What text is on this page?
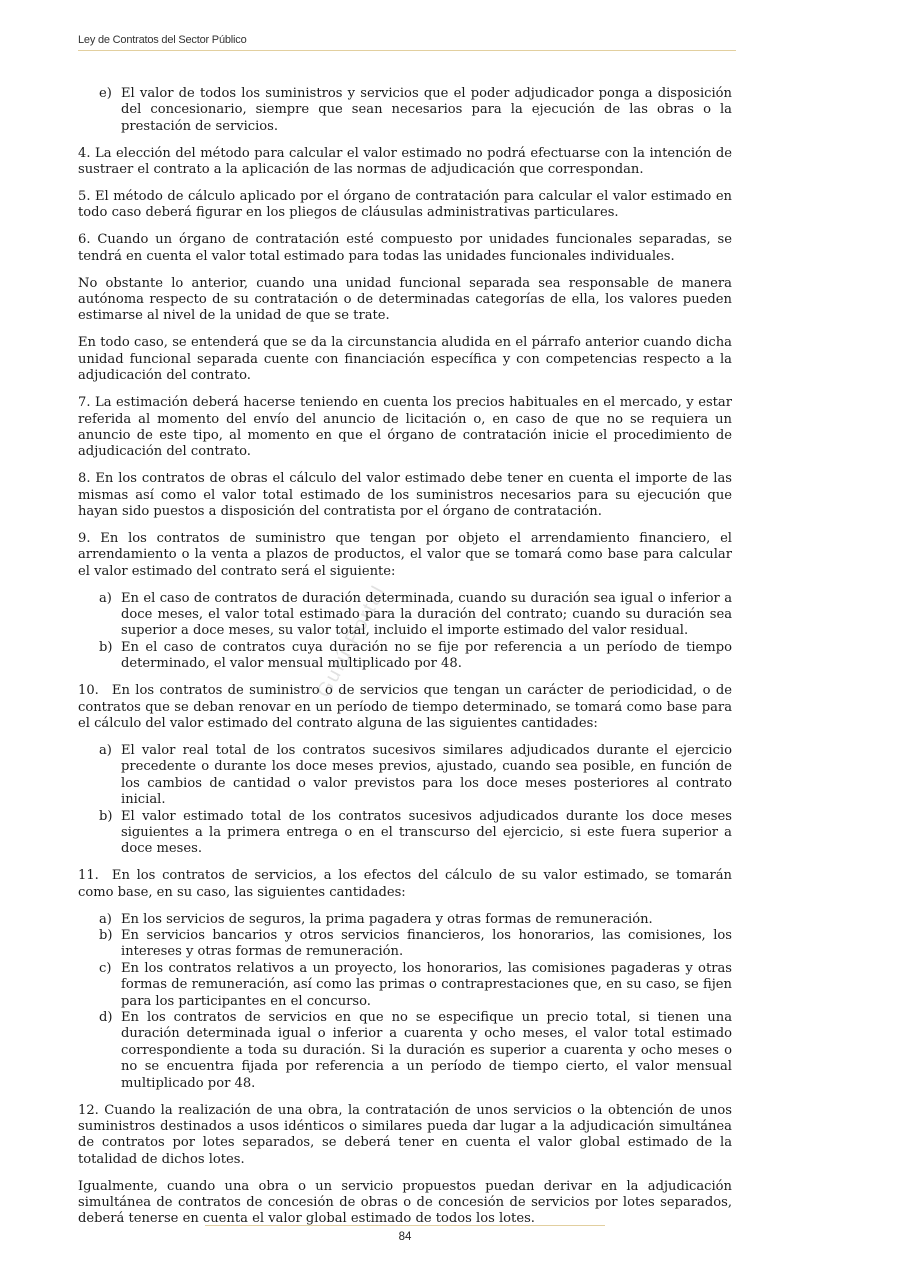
Ley de Contratos del Sector Público
Gurú Portal
e) El valor de todos los suministros y servicios que el poder adjudicador ponga a disposición del concesionario, siempre que sean necesarios para la ejecución de las obras o la prestación de servicios.

4. La elección del método para calcular el valor estimado no podrá efectuarse con la intención de sustraer el contrato a la aplicación de las normas de adjudicación que correspondan.

5. El método de cálculo aplicado por el órgano de contratación para calcular el valor estimado en todo caso deberá figurar en los pliegos de cláusulas administrativas particulares.

6. Cuando un órgano de contratación esté compuesto por unidades funcionales separadas, se tendrá en cuenta el valor total estimado para todas las unidades funcionales individuales.

No obstante lo anterior, cuando una unidad funcional separada sea responsable de manera autónoma respecto de su contratación o de determinadas categorías de ella, los valores pueden estimarse al nivel de la unidad de que se trate.

En todo caso, se entenderá que se da la circunstancia aludida en el párrafo anterior cuando dicha unidad funcional separada cuente con financiación específica y con competencias respecto a la adjudicación del contrato.

7. La estimación deberá hacerse teniendo en cuenta los precios habituales en el mercado, y estar referida al momento del envío del anuncio de licitación o, en caso de que no se requiera un anuncio de este tipo, al momento en que el órgano de contratación inicie el procedimiento de adjudicación del contrato.

8. En los contratos de obras el cálculo del valor estimado debe tener en cuenta el importe de las mismas así como el valor total estimado de los suministros necesarios para su ejecución que hayan sido puestos a disposición del contratista por el órgano de contratación.

9. En los contratos de suministro que tengan por objeto el arrendamiento financiero, el arrendamiento o la venta a plazos de productos, el valor que se tomará como base para calcular el valor estimado del contrato será el siguiente:

a) En el caso de contratos de duración determinada, cuando su duración sea igual o inferior a doce meses, el valor total estimado para la duración del contrato; cuando su duración sea superior a doce meses, su valor total, incluido el importe estimado del valor residual.
b) En el caso de contratos cuya duración no se fije por referencia a un período de tiempo determinado, el valor mensual multiplicado por 48.

10. En los contratos de suministro o de servicios que tengan un carácter de periodicidad, o de contratos que se deban renovar en un período de tiempo determinado, se tomará como base para el cálculo del valor estimado del contrato alguna de las siguientes cantidades:

a) El valor real total de los contratos sucesivos similares adjudicados durante el ejercicio precedente o durante los doce meses previos, ajustado, cuando sea posible, en función de los cambios de cantidad o valor previstos para los doce meses posteriores al contrato inicial.
b) El valor estimado total de los contratos sucesivos adjudicados durante los doce meses siguientes a la primera entrega o en el transcurso del ejercicio, si este fuera superior a doce meses.

11. En los contratos de servicios, a los efectos del cálculo de su valor estimado, se tomarán como base, en su caso, las siguientes cantidades:

a) En los servicios de seguros, la prima pagadera y otras formas de remuneración.
b) En servicios bancarios y otros servicios financieros, los honorarios, las comisiones, los intereses y otras formas de remuneración.
c) En los contratos relativos a un proyecto, los honorarios, las comisiones pagaderas y otras formas de remuneración, así como las primas o contraprestaciones que, en su caso, se fijen para los participantes en el concurso.
d) En los contratos de servicios en que no se especifique un precio total, si tienen una duración determinada igual o inferior a cuarenta y ocho meses, el valor total estimado correspondiente a toda su duración. Si la duración es superior a cuarenta y ocho meses o no se encuentra fijada por referencia a un período de tiempo cierto, el valor mensual multiplicado por 48.

12. Cuando la realización de una obra, la contratación de unos servicios o la obtención de unos suministros destinados a usos idénticos o similares pueda dar lugar a la adjudicación simultánea de contratos por lotes separados, se deberá tener en cuenta el valor global estimado de la totalidad de dichos lotes.

Igualmente, cuando una obra o un servicio propuestos puedan derivar en la adjudicación simultánea de contratos de concesión de obras o de concesión de servicios por lotes separados, deberá tenerse en cuenta el valor global estimado de todos los lotes.

84
